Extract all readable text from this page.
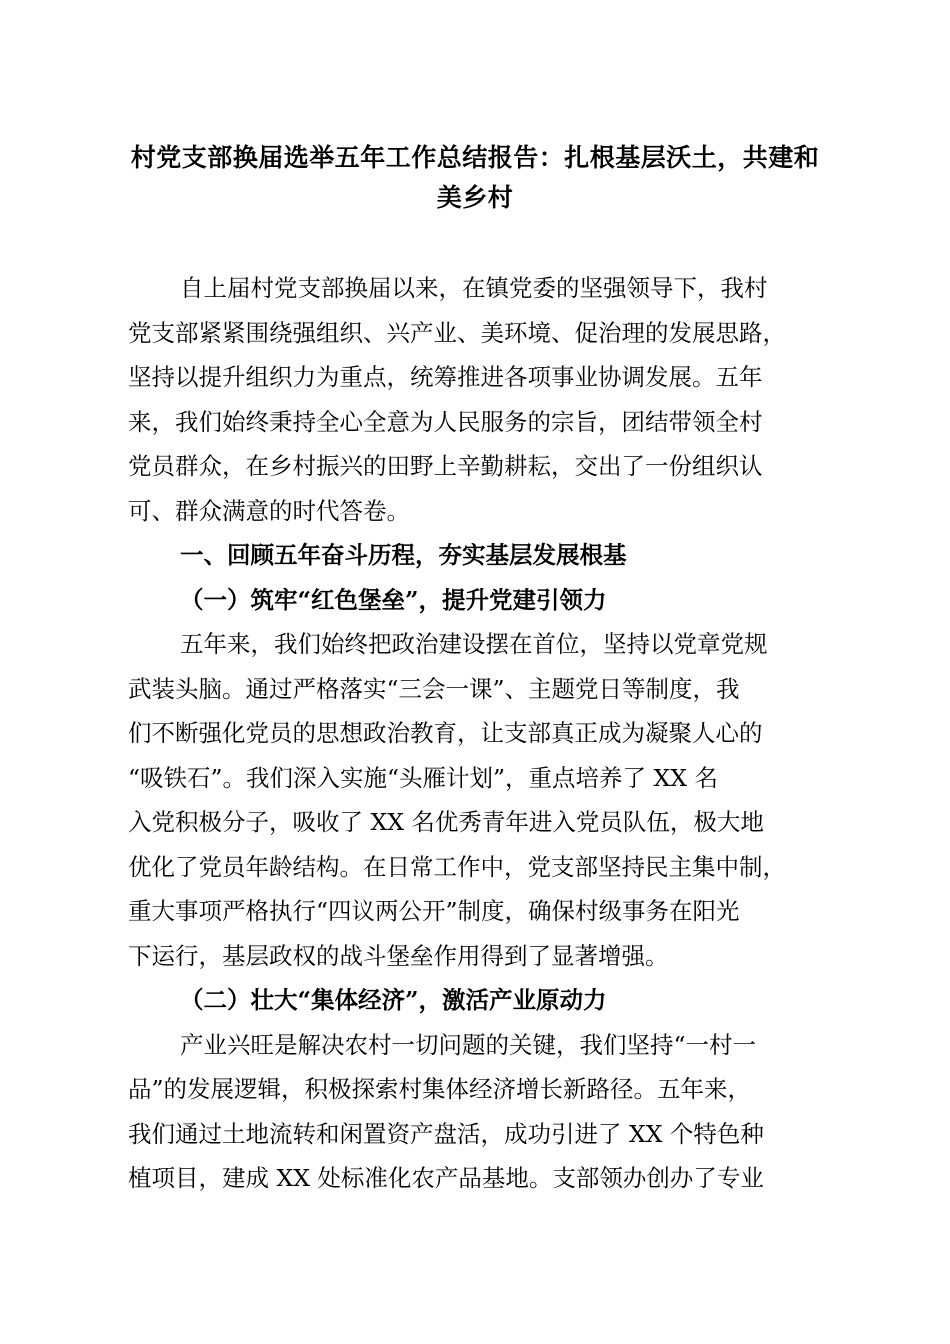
村党支部换届选举五年工作总结报告：扎根基层沃土，共建和
美乡村
自上届村党支部换届以来，在镇党委的坚强领导下，我村
党支部紧紧围绕强组织、兴产业、美环境、促治理的发展思路，
坚持以提升组织力为重点，统筹推进各项事业协调发展。五年
来，我们始终秉持全心全意为人民服务的宗旨，团结带领全村
党员群众，在乡村振兴的田野上辛勤耕耘，交出了一份组织认
可、群众满意的时代答卷。
一、回顾五年奋斗历程，夯实基层发展根基
（一）筑牢“红色堡垒”，提升党建引领力
五年来，我们始终把政治建设摆在首位，坚持以党章党规
武装头脑。通过严格落实“三会一课”、主题党日等制度，我
们不断强化党员的思想政治教育，让支部真正成为凝聚人心的
“吸铁石”。我们深入实施“头雁计划”，重点培养了 XX 名
入党积极分子，吸收了 XX 名优秀青年进入党员队伍，极大地
优化了党员年龄结构。在日常工作中，党支部坚持民主集中制，
重大事项严格执行“四议两公开”制度，确保村级事务在阳光
下运行，基层政权的战斗堡垒作用得到了显著增强。
（二）壮大“集体经济”，激活产业原动力
产业兴旺是解决农村一切问题的关键，我们坚持“一村一
品”的发展逻辑，积极探索村集体经济增长新路径。五年来，
我们通过土地流转和闲置资产盘活，成功引进了 XX 个特色种
植项目，建成 XX 处标准化农产品基地。支部领办创办了专业
